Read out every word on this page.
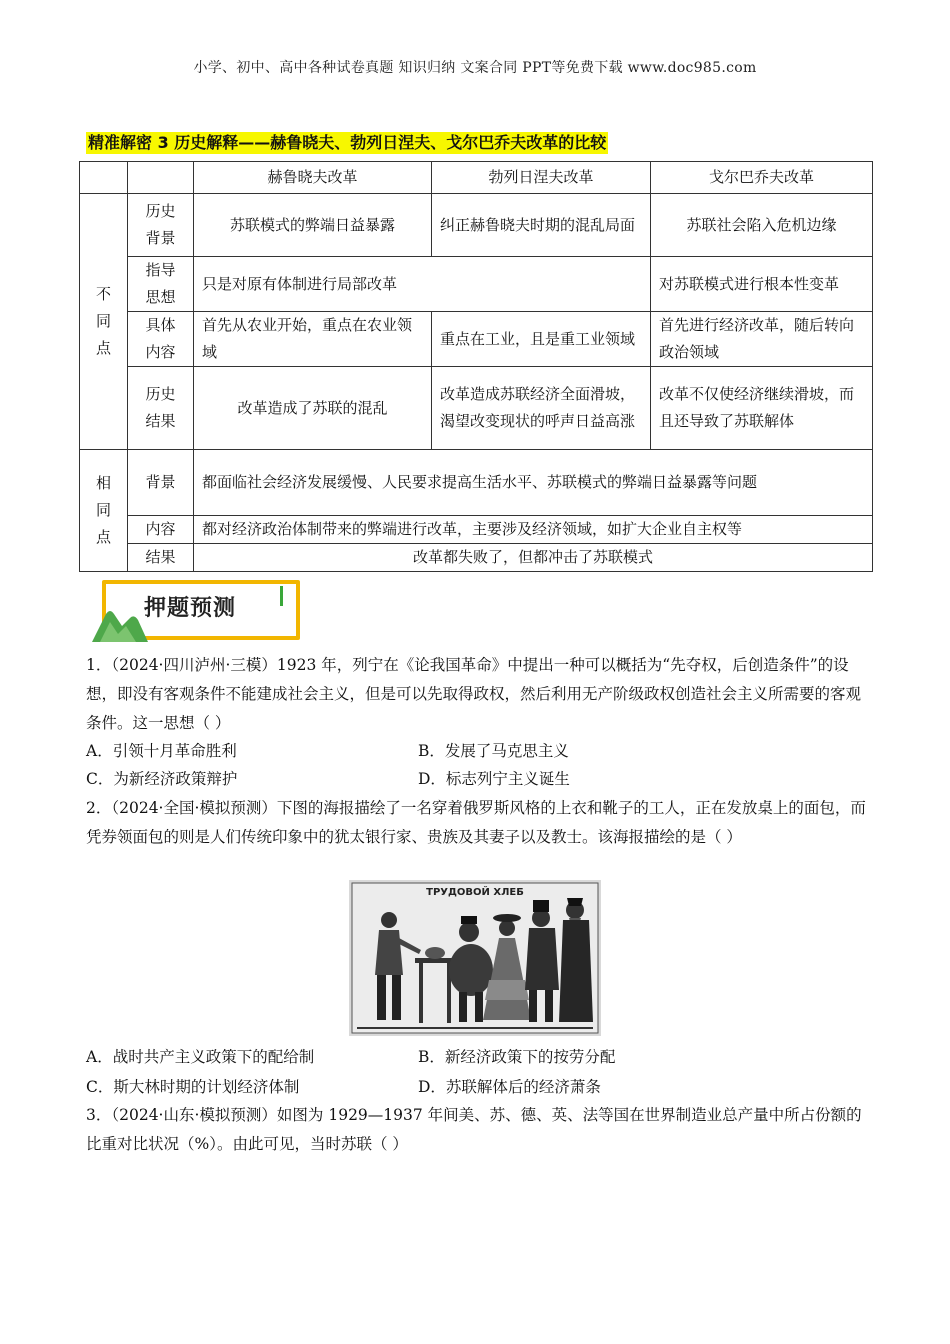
小学、初中、高中各种试卷真题 知识归纳 文案合同 PPT等免费下载 www.doc985.com
精准解密 3 历史解释——赫鲁晓夫、勃列日涅夫、戈尔巴乔夫改革的比较
		赫鲁晓夫改革	勃列日涅夫改革	戈尔巴乔夫改革
不同点	历史背景	苏联模式的弊端日益暴露	纠正赫鲁晓夫时期的混乱局面	苏联社会陷入危机边缘
	指导思想	只是对原有体制进行局部改革		对苏联模式进行根本性变革
	具体内容	首先从农业开始，重点在农业领域	重点在工业，且是重工业领域	首先进行经济改革，随后转向政治领域
	历史结果	改革造成了苏联的混乱	改革造成苏联经济全面滑坡，渴望改变现状的呼声日益高涨	改革不仅使经济继续滑坡，而且还导致了苏联解体
相同点	背景	都面临社会经济发展缓慢、人民要求提高生活水平、苏联模式的弊端日益暴露等问题		
	内容	都对经济政治体制带来的弊端进行改革，主要涉及经济领域，如扩大企业自主权等		
	结果	改革都失败了，但都冲击了苏联模式		
押题预测
1．（2024·四川泸州·三模）1923 年，列宁在《论我国革命》中提出一种可以概括为“先夺权，后创造条件”的设想，即没有客观条件不能建成社会主义，但是可以先取得政权，然后利用无产阶级政权创造社会主义所需要的客观条件。这一思想（ ）
A．引领十月革命胜利	B．发展了马克思主义
C．为新经济政策辩护	D．标志列宁主义诞生
2．（2024·全国·模拟预测）下图的海报描绘了一名穿着俄罗斯风格的上衣和靴子的工人，正在发放桌上的面包，而凭券领面包的则是人们传统印象中的犹太银行家、贵族及其妻子以及教士。该海报描绘的是（ ）
ТРУДОВОЙ ХЛЕБ
A．战时共产主义政策下的配给制	B．新经济政策下的按劳分配
C．斯大林时期的计划经济体制	D．苏联解体后的经济萧条
3．（2024·山东·模拟预测）如图为 1929—1937 年间美、苏、德、英、法等国在世界制造业总产量中所占份额的比重对比状况（%）。由此可见，当时苏联（ ）
